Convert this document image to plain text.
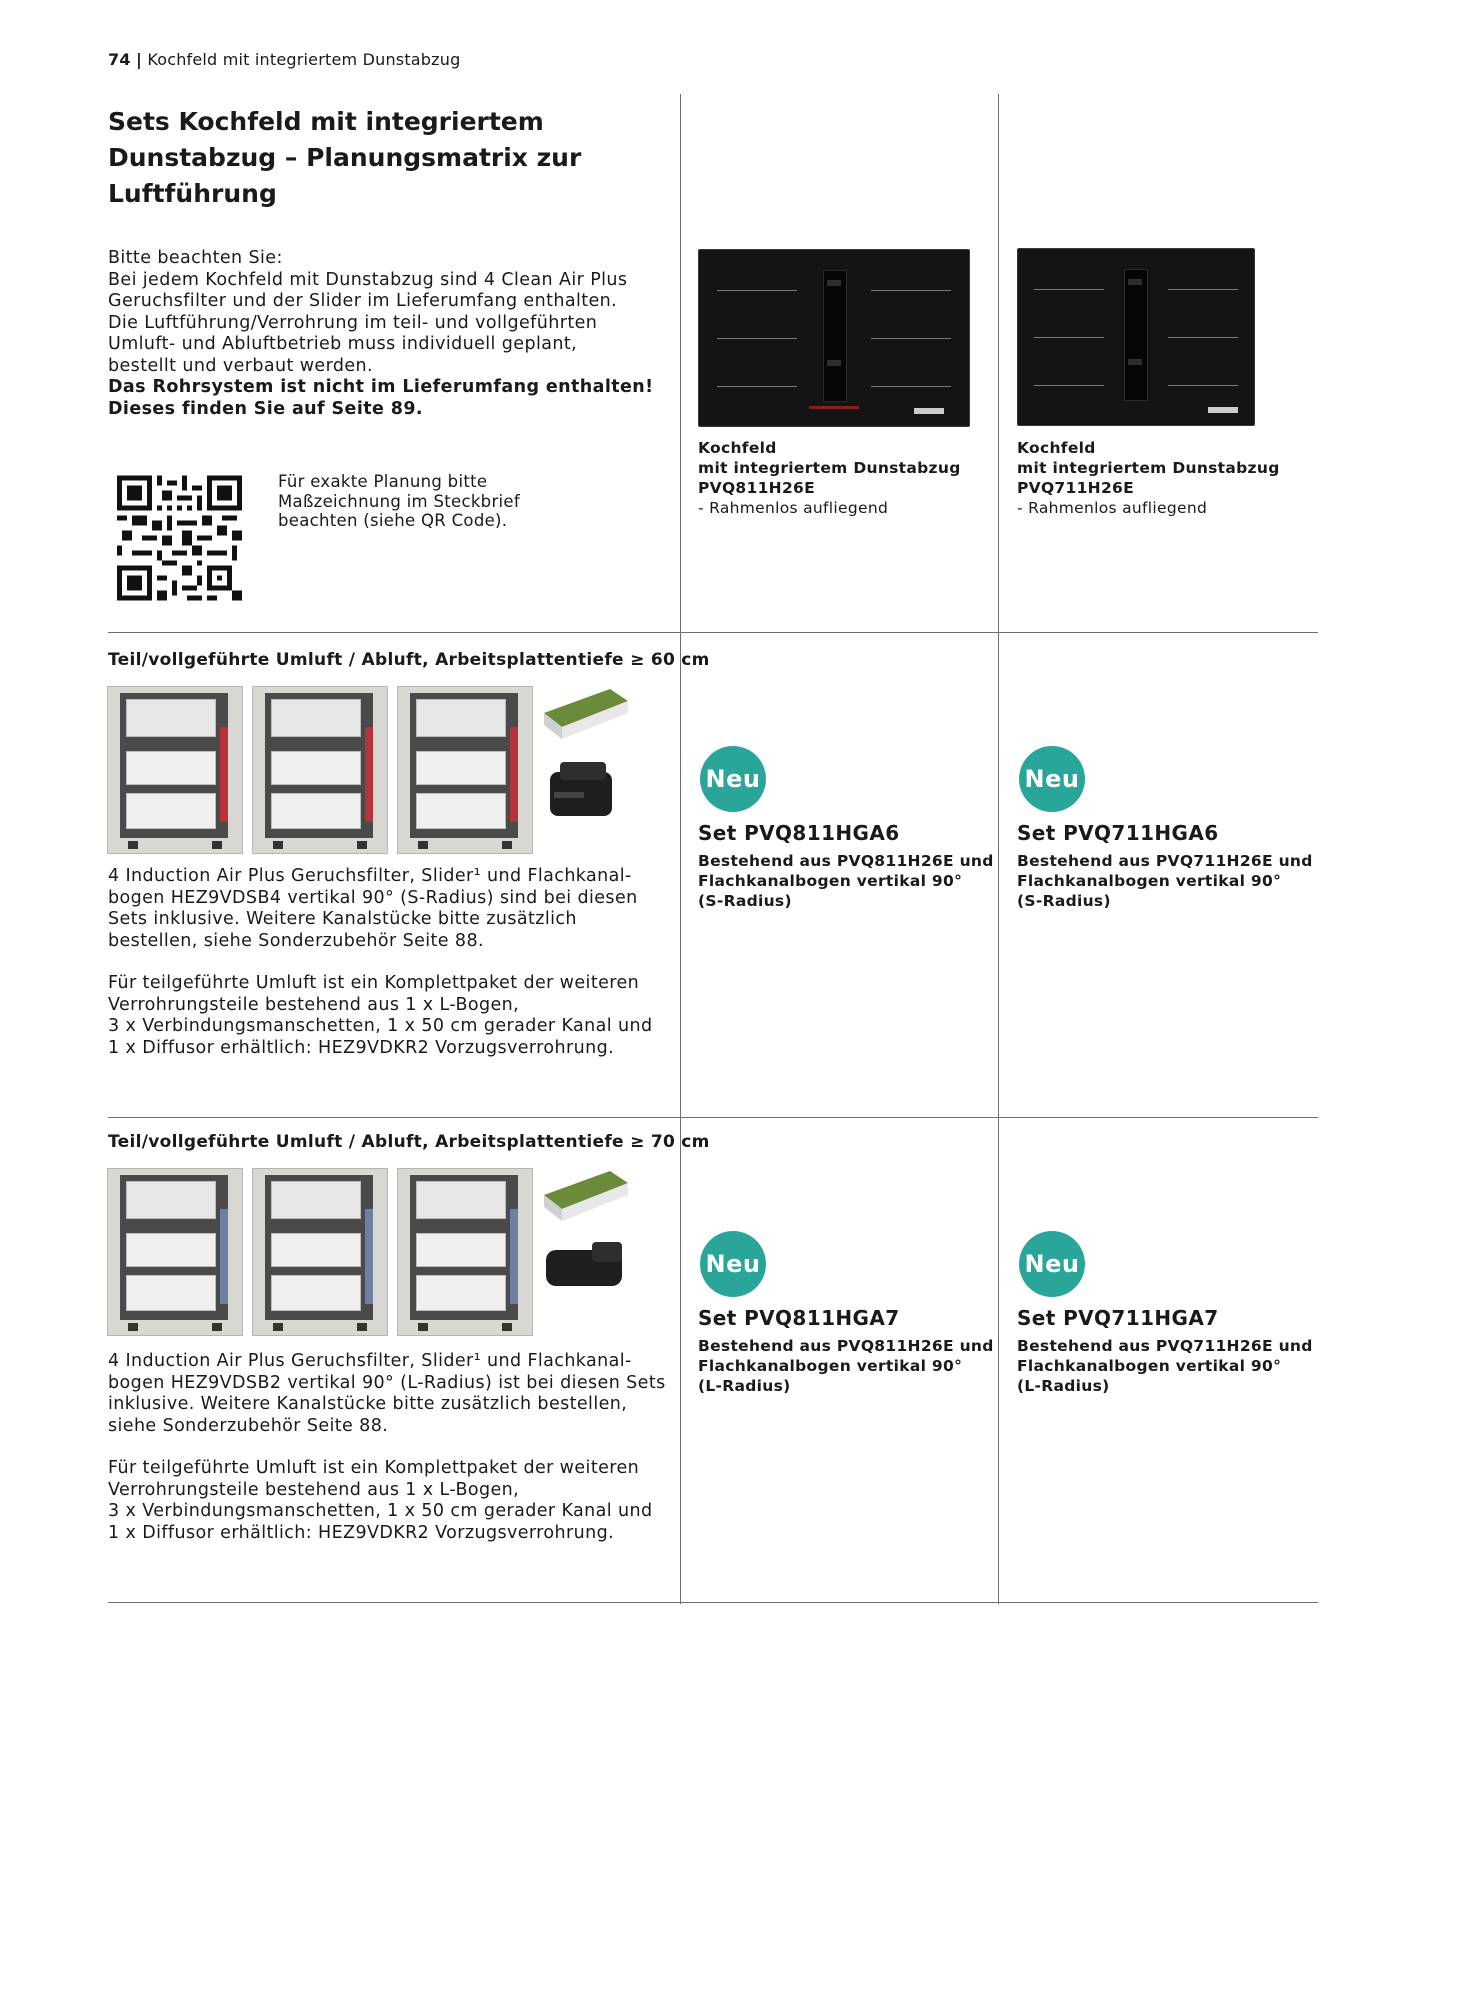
74 | Kochfeld mit integriertem Dunstabzug
Sets Kochfeld mit integriertem Dunstabzug – Planungsmatrix zur Luftführung
Bitte beachten Sie:
Bei jedem Kochfeld mit Dunstabzug sind 4 Clean Air Plus
Geruchsfilter und der Slider im Lieferumfang enthalten.
Die Luftführung/Verrohrung im teil- und vollgeführten
Umluft- und Abluftbetrieb muss individuell geplant,
bestellt und verbaut werden.
Das Rohrsystem ist nicht im Lieferumfang enthalten!
Dieses finden Sie auf Seite 89.
Für exakte Planung bitte
Maßzeichnung im Steckbrief
beachten (siehe QR Code).
Kochfeld
mit integriertem Dunstabzug
PVQ811H26E
- Rahmenlos aufliegend
Kochfeld
mit integriertem Dunstabzug
PVQ711H26E
- Rahmenlos aufliegend
Teil/vollgeführte Umluft / Abluft, Arbeitsplattentiefe ≥ 60 cm
4 Induction Air Plus Geruchsfilter, Slider¹ und Flachkanal-
bogen HEZ9VDSB4 vertikal 90° (S-Radius) sind bei diesen
Sets inklusive. Weitere Kanalstücke bitte zusätzlich
bestellen, siehe Sonderzubehör Seite 88.
Für teilgeführte Umluft ist ein Komplettpaket der weiteren
Verrohrungsteile bestehend aus 1 x L-Bogen,
3 x Verbindungsmanschetten, 1 x 50 cm gerader Kanal und
1 x Diffusor erhältlich: HEZ9VDKR2 Vorzugsverrohrung.
Neu
Set PVQ811HGA6
Bestehend aus PVQ811H26E und
Flachkanalbogen vertikal 90°
(S-Radius)
Neu
Set PVQ711HGA6
Bestehend aus PVQ711H26E und
Flachkanalbogen vertikal 90°
(S-Radius)
Teil/vollgeführte Umluft / Abluft, Arbeitsplattentiefe ≥ 70 cm
4 Induction Air Plus Geruchsfilter, Slider¹ und Flachkanal-
bogen HEZ9VDSB2 vertikal 90° (L-Radius) ist bei diesen Sets
inklusive. Weitere Kanalstücke bitte zusätzlich bestellen,
siehe Sonderzubehör Seite 88.
Für teilgeführte Umluft ist ein Komplettpaket der weiteren
Verrohrungsteile bestehend aus 1 x L-Bogen,
3 x Verbindungsmanschetten, 1 x 50 cm gerader Kanal und
1 x Diffusor erhältlich: HEZ9VDKR2 Vorzugsverrohrung.
Neu
Set PVQ811HGA7
Bestehend aus PVQ811H26E und
Flachkanalbogen vertikal 90°
(L-Radius)
Neu
Set PVQ711HGA7
Bestehend aus PVQ711H26E und
Flachkanalbogen vertikal 90°
(L-Radius)
